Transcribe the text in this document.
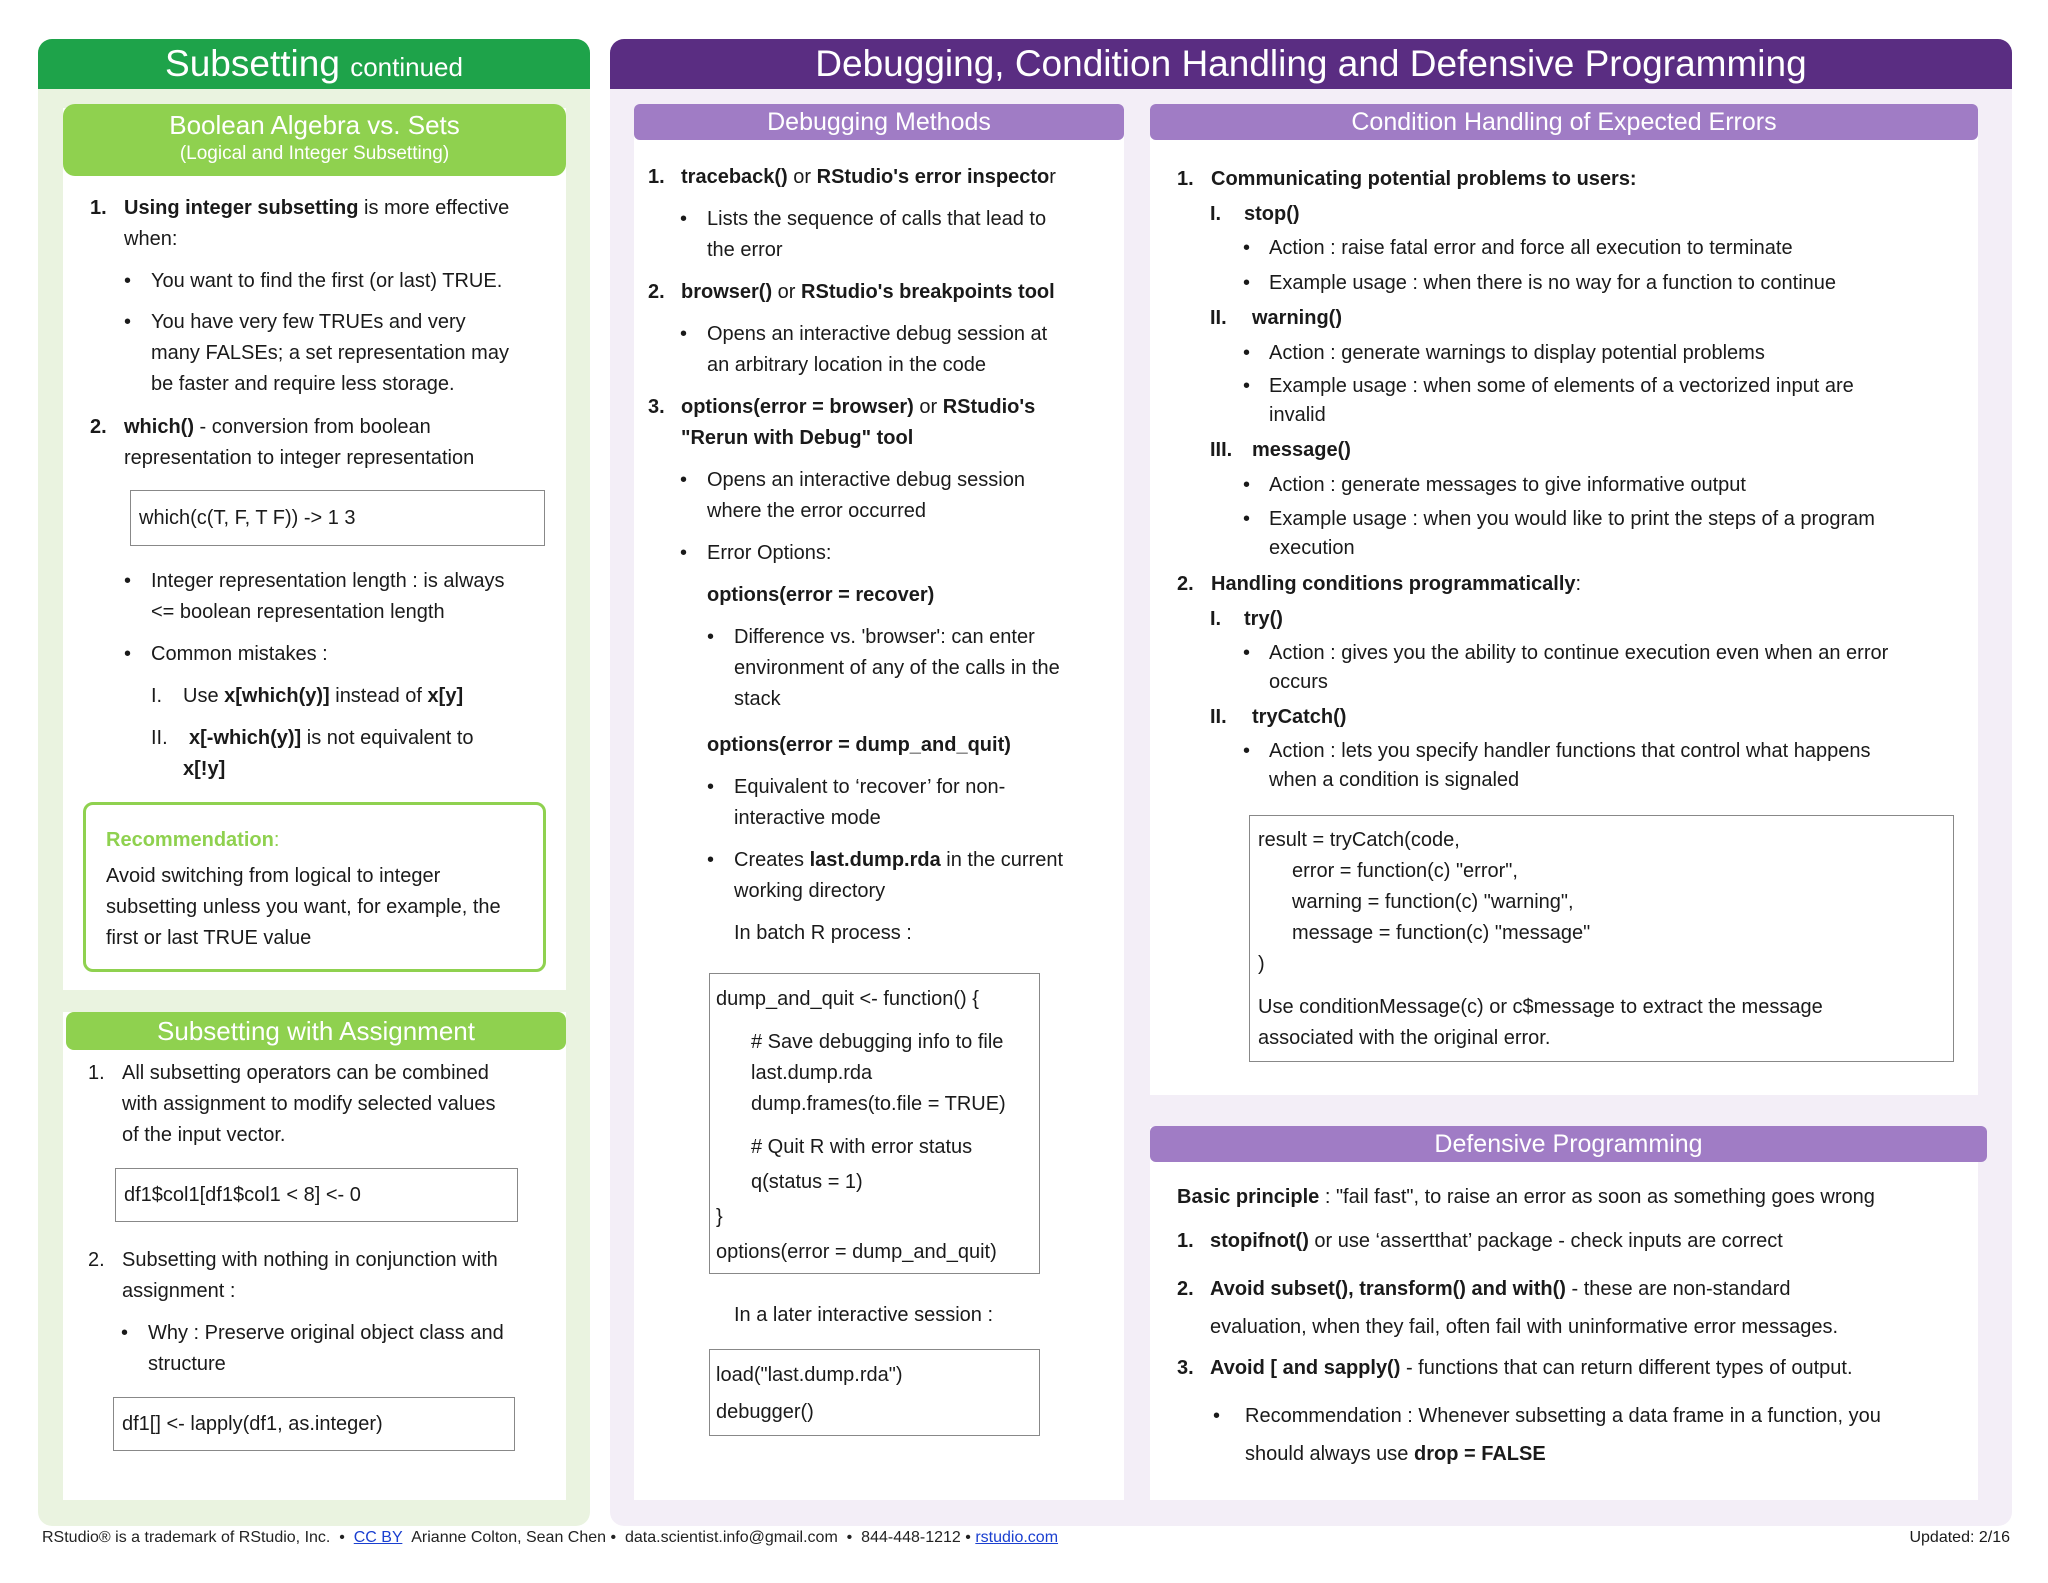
Subsetting continued	Debugging, Condition Handling and Defensive Programming
Boolean Algebra vs. Sets
(Logical and Integer Subsetting)
1. Using integer subsetting is more effective
when:
• You want to find the first (or last) TRUE.
• You have very few TRUEs and very
many FALSEs; a set representation may
be faster and require less storage.
2. which() - conversion from boolean
representation to integer representation
which(c(T, F, T F)) -> 1 3
• Integer representation length : is always
<= boolean representation length
• Common mistakes :
I. Use x[which(y)] instead of x[y]
II. x[-which(y)] is not equivalent to
x[!y]
Recommendation:
Avoid switching from logical to integer
subsetting unless you want, for example, the
first or last TRUE value
Subsetting with Assignment
1. All subsetting operators can be combined
with assignment to modify selected values
of the input vector.
df1$col1[df1$col1 < 8] <- 0
2. Subsetting with nothing in conjunction with
assignment :
• Why : Preserve original object class and
structure
df1[] <- lapply(df1, as.integer)
Debugging Methods
1. traceback() or RStudio's error inspector
• Lists the sequence of calls that lead to
the error
2. browser() or RStudio's breakpoints tool
• Opens an interactive debug session at
an arbitrary location in the code
3. options(error = browser) or RStudio's
"Rerun with Debug" tool
• Opens an interactive debug session
where the error occurred
• Error Options:
options(error = recover)
• Difference vs. 'browser': can enter
environment of any of the calls in the
stack
options(error = dump_and_quit)
• Equivalent to ‘recover’ for non-
interactive mode
• Creates last.dump.rda in the current
working directory
In batch R process :
dump_and_quit <- function() {
# Save debugging info to file
last.dump.rda
dump.frames(to.file = TRUE)
# Quit R with error status
q(status = 1)
}
options(error = dump_and_quit)
In a later interactive session :
load("last.dump.rda")
debugger()
Condition Handling of Expected Errors
1. Communicating potential problems to users:
I. stop()
• Action : raise fatal error and force all execution to terminate
• Example usage : when there is no way for a function to continue
II. warning()
• Action : generate warnings to display potential problems
• Example usage : when some of elements of a vectorized input are
invalid
III. message()
• Action : generate messages to give informative output
• Example usage : when you would like to print the steps of a program
execution
2. Handling conditions programmatically:
I. try()
• Action : gives you the ability to continue execution even when an error
occurs
II. tryCatch()
• Action : lets you specify handler functions that control what happens
when a condition is signaled
result = tryCatch(code,
error = function(c) "error",
warning = function(c) "warning",
message = function(c) "message"
)
Use conditionMessage(c) or c$message to extract the message
associated with the original error.
Defensive Programming
Basic principle : "fail fast", to raise an error as soon as something goes wrong
1. stopifnot() or use ‘assertthat’ package - check inputs are correct
2. Avoid subset(), transform() and with() - these are non-standard
evaluation, when they fail, often fail with uninformative error messages.
3. Avoid [ and sapply() - functions that can return different types of output.
• Recommendation : Whenever subsetting a data frame in a function, you
should always use drop = FALSE
RStudio® is a trademark of RStudio, Inc. • CC BY Arianne Colton, Sean Chen • data.scientist.info@gmail.com • 844-448-1212 • rstudio.com	Updated: 2/16
